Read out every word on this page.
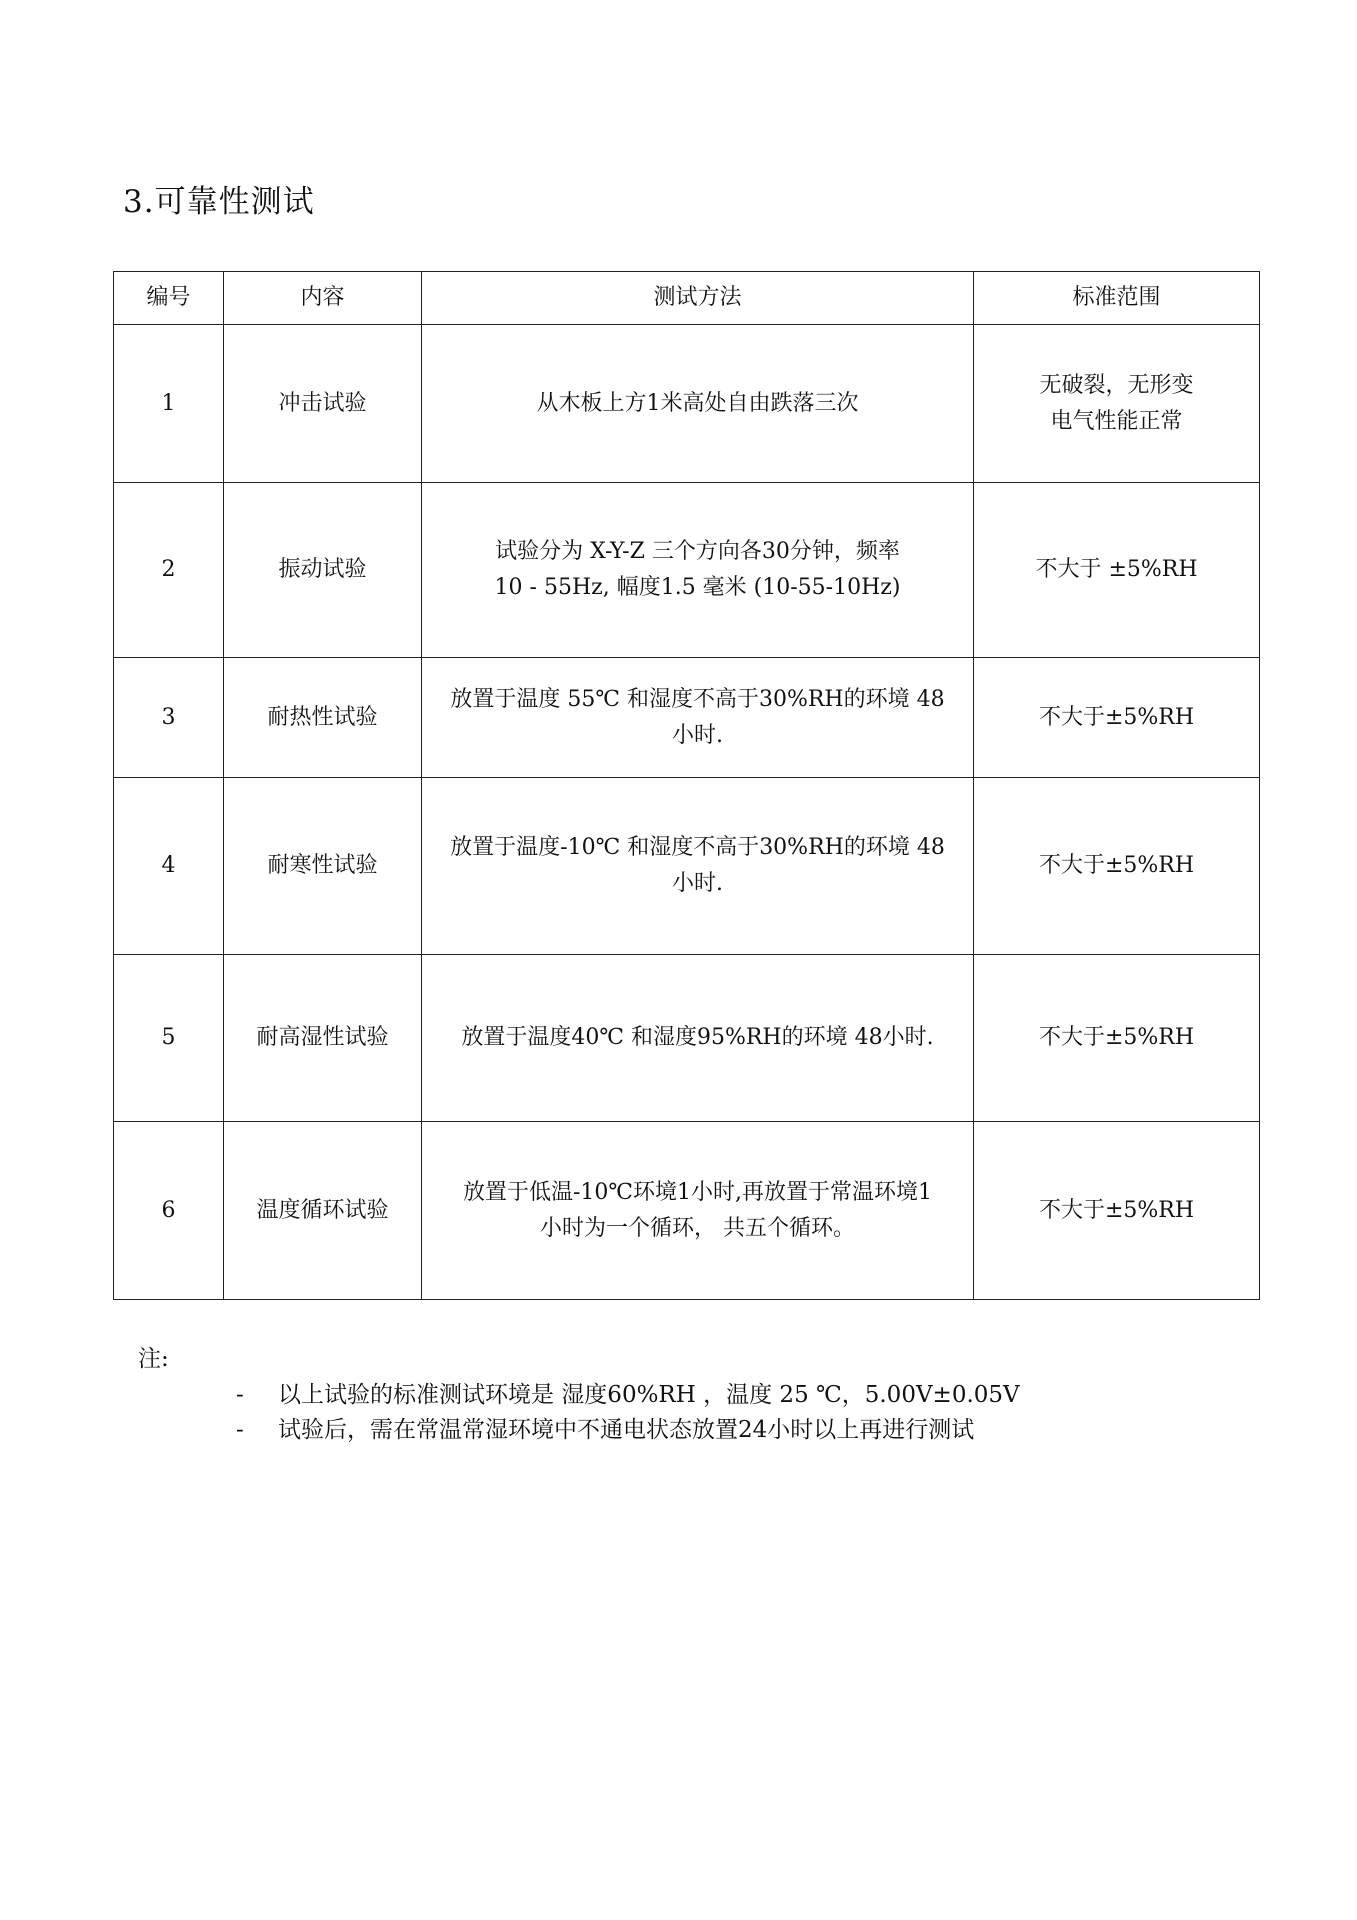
3.可靠性测试
编号	内容	测试方法	标准范围
1	冲击试验	从木板上方1米高处自由跌落三次	无破裂，无形变
电气性能正常

2	振动试验	试验分为 X-Y-Z 三个方向各30分钟，频率
10 - 55Hz, 幅度1.5 毫米 (10-55-10Hz)	不大于 ±5%RH

3	耐热性试验	放置于温度 55℃ 和湿度不高于30%RH的环境 48
小时.	不大于±5%RH

4	耐寒性试验	放置于温度-10℃ 和湿度不高于30%RH的环境 48
小时.	不大于±5%RH

5	耐高湿性试验	放置于温度40℃ 和湿度95%RH的环境 48小时.	不大于±5%RH

6	温度循环试验	放置于低温-10℃环境1小时,再放置于常温环境1
小时为一个循环， 共五个循环。	不大于±5%RH
注:
- 以上试验的标准测试环境是 湿度60%RH ，温度 25 ℃，5.00V±0.05V
- 试验后，需在常温常湿环境中不通电状态放置24小时以上再进行测试
